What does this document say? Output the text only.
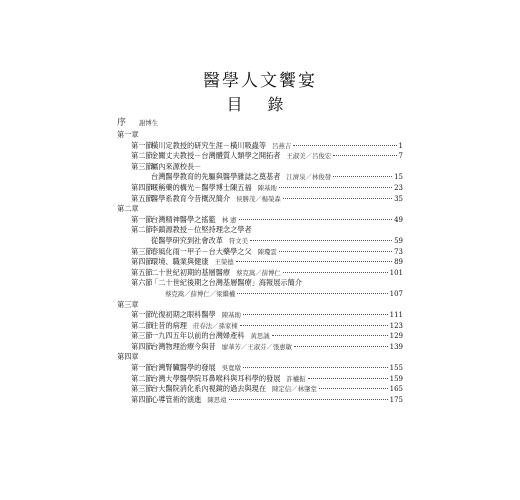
醫學人文饗宴
目 錄
序 謝博生
第一章
第一節
橫川定教授的研究生涯－橫川吸蟲等 呂燕吉	1
第二節
金關丈夫教授－台灣體質人類學之開拓者 王淑美／呂俊宏	7
第三節
屬內來源校長－
台灣醫學教育的先驅與醫學雜誌之奠基者 江濟泉／林俊發	15
第四節
暱稱藥的構光－醫學博士陳五福 陳基勛	23
第五節
醫學系教育今昔概況簡介 侯勝茂／楊榮森	35
第二章
第一節
台灣精神醫學之搖籃 林 憲	49
第二節
李鎮源教授－位堅持理念之學者
從醫學研究到社會改革 符文美	59
第三節
春風化雨一甲子－台大藥學之父 陳瓊雲	73
第四節
環境、職業與健康 王榮德	89
第五節
二十世紀初期的基層醫療 蔡克嵩／薛博仁	101
第六節
「二十世紀後期之台灣基層醫療」海報展示簡介
蔡克嵩／薛博仁／梁繼權	107
第三章
第一節
光復初期之眼科醫學 陳基勛	111
第二節
往昔的病理 莊春法／孫家棟	123
第三節
一九四五年以前的台灣婦產科 黃思誠	129
第四節
台灣物理治療今與昔 廖華芳／王淑芬／張惠敏	139
第四章
第一節
台灣腎臟醫學的發展 吳寬墩	155
第二節
台灣大學醫學院耳鼻喉科與耳科學的發展 許權振	159
第三節
台大醫院消化系內視鏡的過去與現在 陳定信／林肇堂	165
第四節
心導管術的演進 陳思遠	175
